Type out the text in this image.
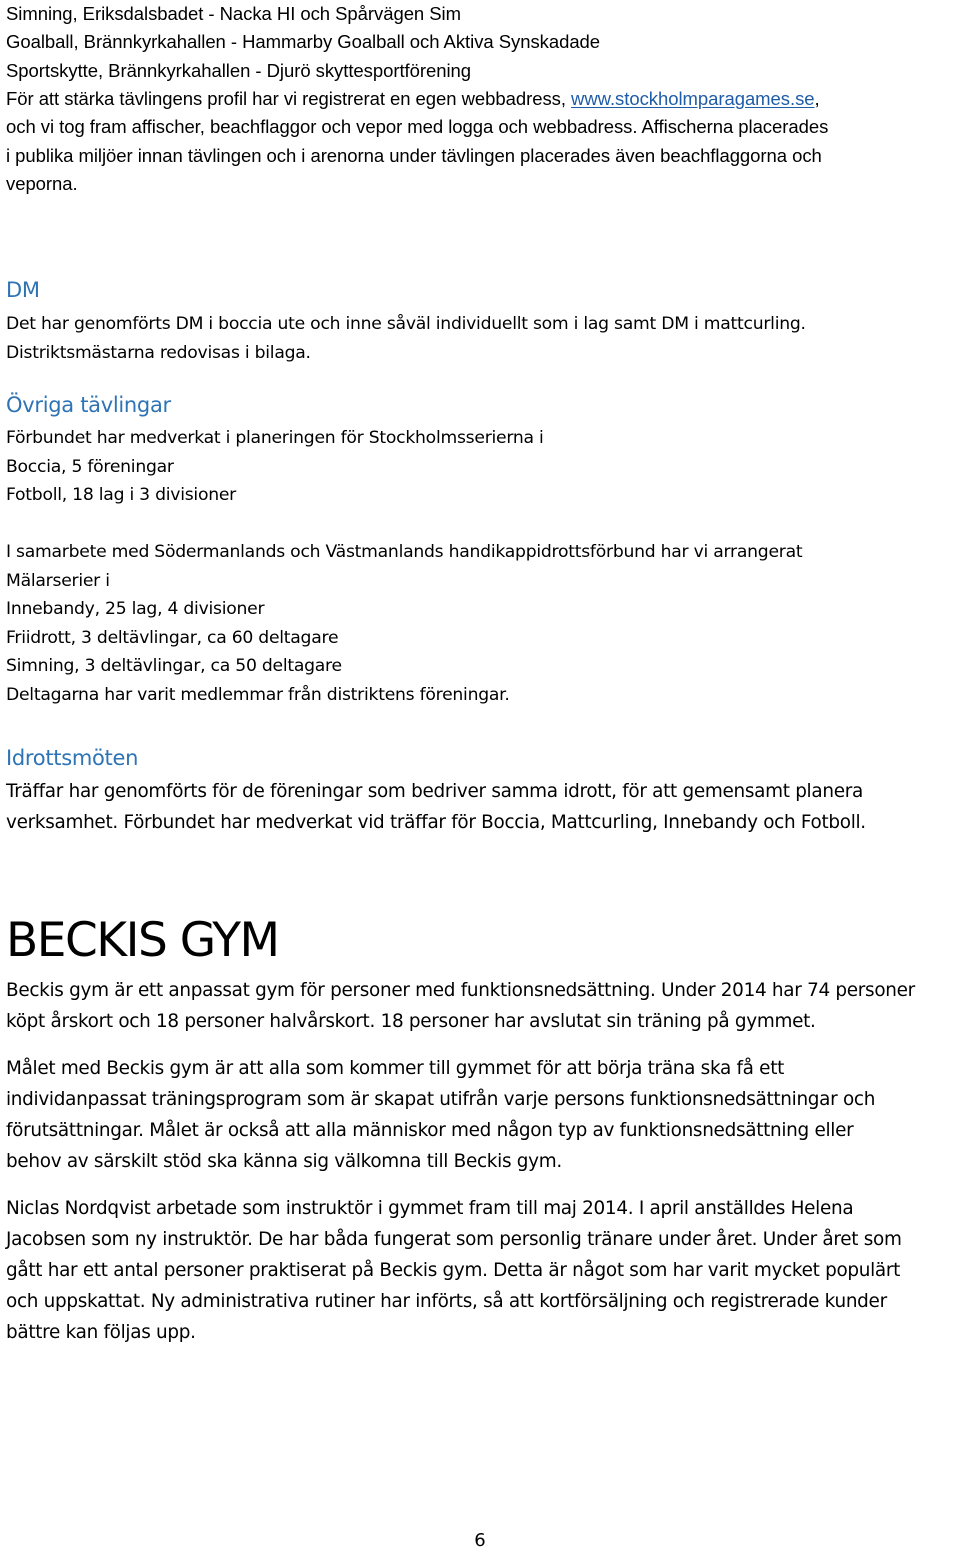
Simning, Eriksdalsbadet - Nacka HI och Spårvägen Sim
Goalball, Brännkyrkahallen - Hammarby Goalball och Aktiva Synskadade
Sportskytte, Brännkyrkahallen - Djurö skyttesportförening
För att stärka tävlingens profil har vi registrerat en egen webbadress, www.stockholmparagames.se,
och vi tog fram affischer, beachflaggor och vepor med logga och webbadress. Affischerna placerades
i publika miljöer innan tävlingen och i arenorna under tävlingen placerades även beachflaggorna och
veporna.
DM
Det har genomförts DM i boccia ute och inne såväl individuellt som i lag samt DM i mattcurling.
Distriktsmästarna redovisas i bilaga.
Övriga tävlingar
Förbundet har medverkat i planeringen för Stockholmsserierna i
Boccia, 5 föreningar
Fotboll, 18 lag i 3 divisioner
I samarbete med Södermanlands och Västmanlands handikappidrottsförbund har vi arrangerat
Mälarserier i
Innebandy, 25 lag, 4 divisioner
Friidrott, 3 deltävlingar, ca 60 deltagare
Simning, 3 deltävlingar, ca 50 deltagare
Deltagarna har varit medlemmar från distriktens föreningar.
Idrottsmöten
Träffar har genomförts för de föreningar som bedriver samma idrott, för att gemensamt planera
verksamhet. Förbundet har medverkat vid träffar för Boccia, Mattcurling, Innebandy och Fotboll.
BECKIS GYM
Beckis gym är ett anpassat gym för personer med funktionsnedsättning. Under 2014 har 74 personer
köpt årskort och 18 personer halvårskort. 18 personer har avslutat sin träning på gymmet.
Målet med Beckis gym är att alla som kommer till gymmet för att börja träna ska få ett
individanpassat träningsprogram som är skapat utifrån varje persons funktionsnedsättningar och
förutsättningar. Målet är också att alla människor med någon typ av funktionsnedsättning eller
behov av särskilt stöd ska känna sig välkomna till Beckis gym.
Niclas Nordqvist arbetade som instruktör i gymmet fram till maj 2014. I april anställdes Helena
Jacobsen som ny instruktör. De har båda fungerat som personlig tränare under året. Under året som
gått har ett antal personer praktiserat på Beckis gym. Detta är något som har varit mycket populärt
och uppskattat. Ny administrativa rutiner har införts, så att kortförsäljning och registrerade kunder
bättre kan följas upp.
6
